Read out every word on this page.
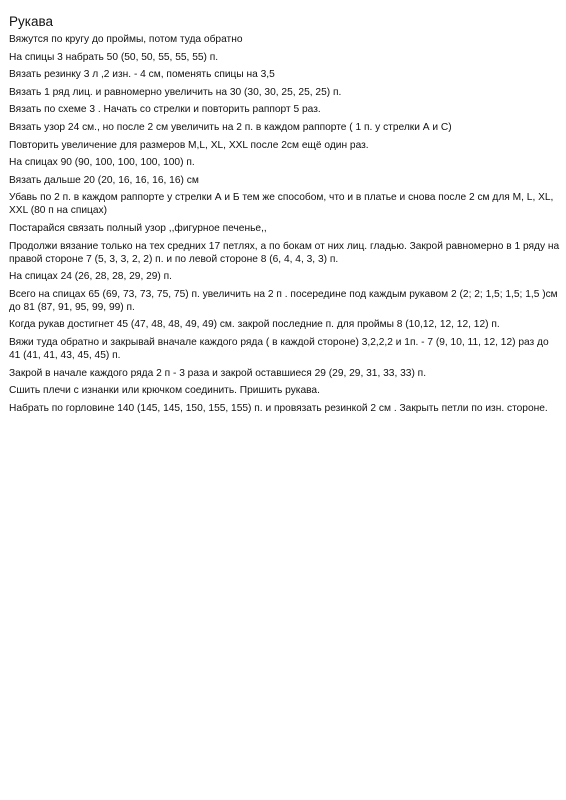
Рукава

Вяжутся по кругу до проймы, потом туда обратно

На спицы 3 набрать 50 (50, 50, 55, 55, 55) п.

Вязать резинку 3 л ,2 изн. - 4 см, поменять спицы на 3,5

Вязать 1 ряд лиц. и равномерно увеличить на 30 (30, 30, 25, 25, 25) п.

Вязать по схеме 3 . Начать со стрелки и повторить раппорт 5 раз.

Вязать узор 24 см., но после 2 см увеличить на 2 п. в каждом раппорте ( 1 п. у стрелки А и С)

Повторить увеличение для размеров M,L, XL, XXL после 2см ещё один раз.

На спицах 90 (90, 100, 100, 100, 100) п.

Вязать дальше 20 (20, 16, 16, 16, 16) см

Убавь по 2 п. в каждом раппорте у стрелки А и Б тем же способом, что и в платье и снова после 2 см для M, L, XL, XXL (80 п на спицах)

Постарайся связать полный узор ,,фигурное печенье,,

Продолжи вязание только на тех средних 17 петлях, а по бокам от них лиц. гладью. Закрой равномерно в 1 ряду на правой стороне 7 (5, 3, 3, 2, 2) п. и по левой стороне 8 (6, 4, 4, 3, 3) п.

На спицах 24 (26, 28, 28, 29, 29) п.

Всего на спицах 65 (69, 73, 73, 75, 75) п. увеличить на 2 п . посередине под каждым рукавом 2 (2; 2; 1,5; 1,5; 1,5 )см до 81 (87, 91, 95, 99, 99) п.

Когда рукав достигнет 45 (47, 48, 48, 49, 49) см. закрой последние п. для проймы 8 (10,12, 12, 12, 12) п.

Вяжи туда обратно и закрывай вначале каждого ряда ( в каждой стороне) 3,2,2,2 и 1п. - 7 (9, 10, 11, 12, 12) раз до 41 (41, 41, 43, 45, 45) п.

Закрой в начале каждого ряда 2 п - 3 раза и закрой оставшиеся 29 (29, 29, 31, 33, 33) п.

Сшить плечи с изнанки или крючком соединить. Пришить рукава.

Набрать по горловине 140 (145, 145, 150, 155, 155) п. и провязать резинкой 2 см . Закрыть петли по изн. стороне.
